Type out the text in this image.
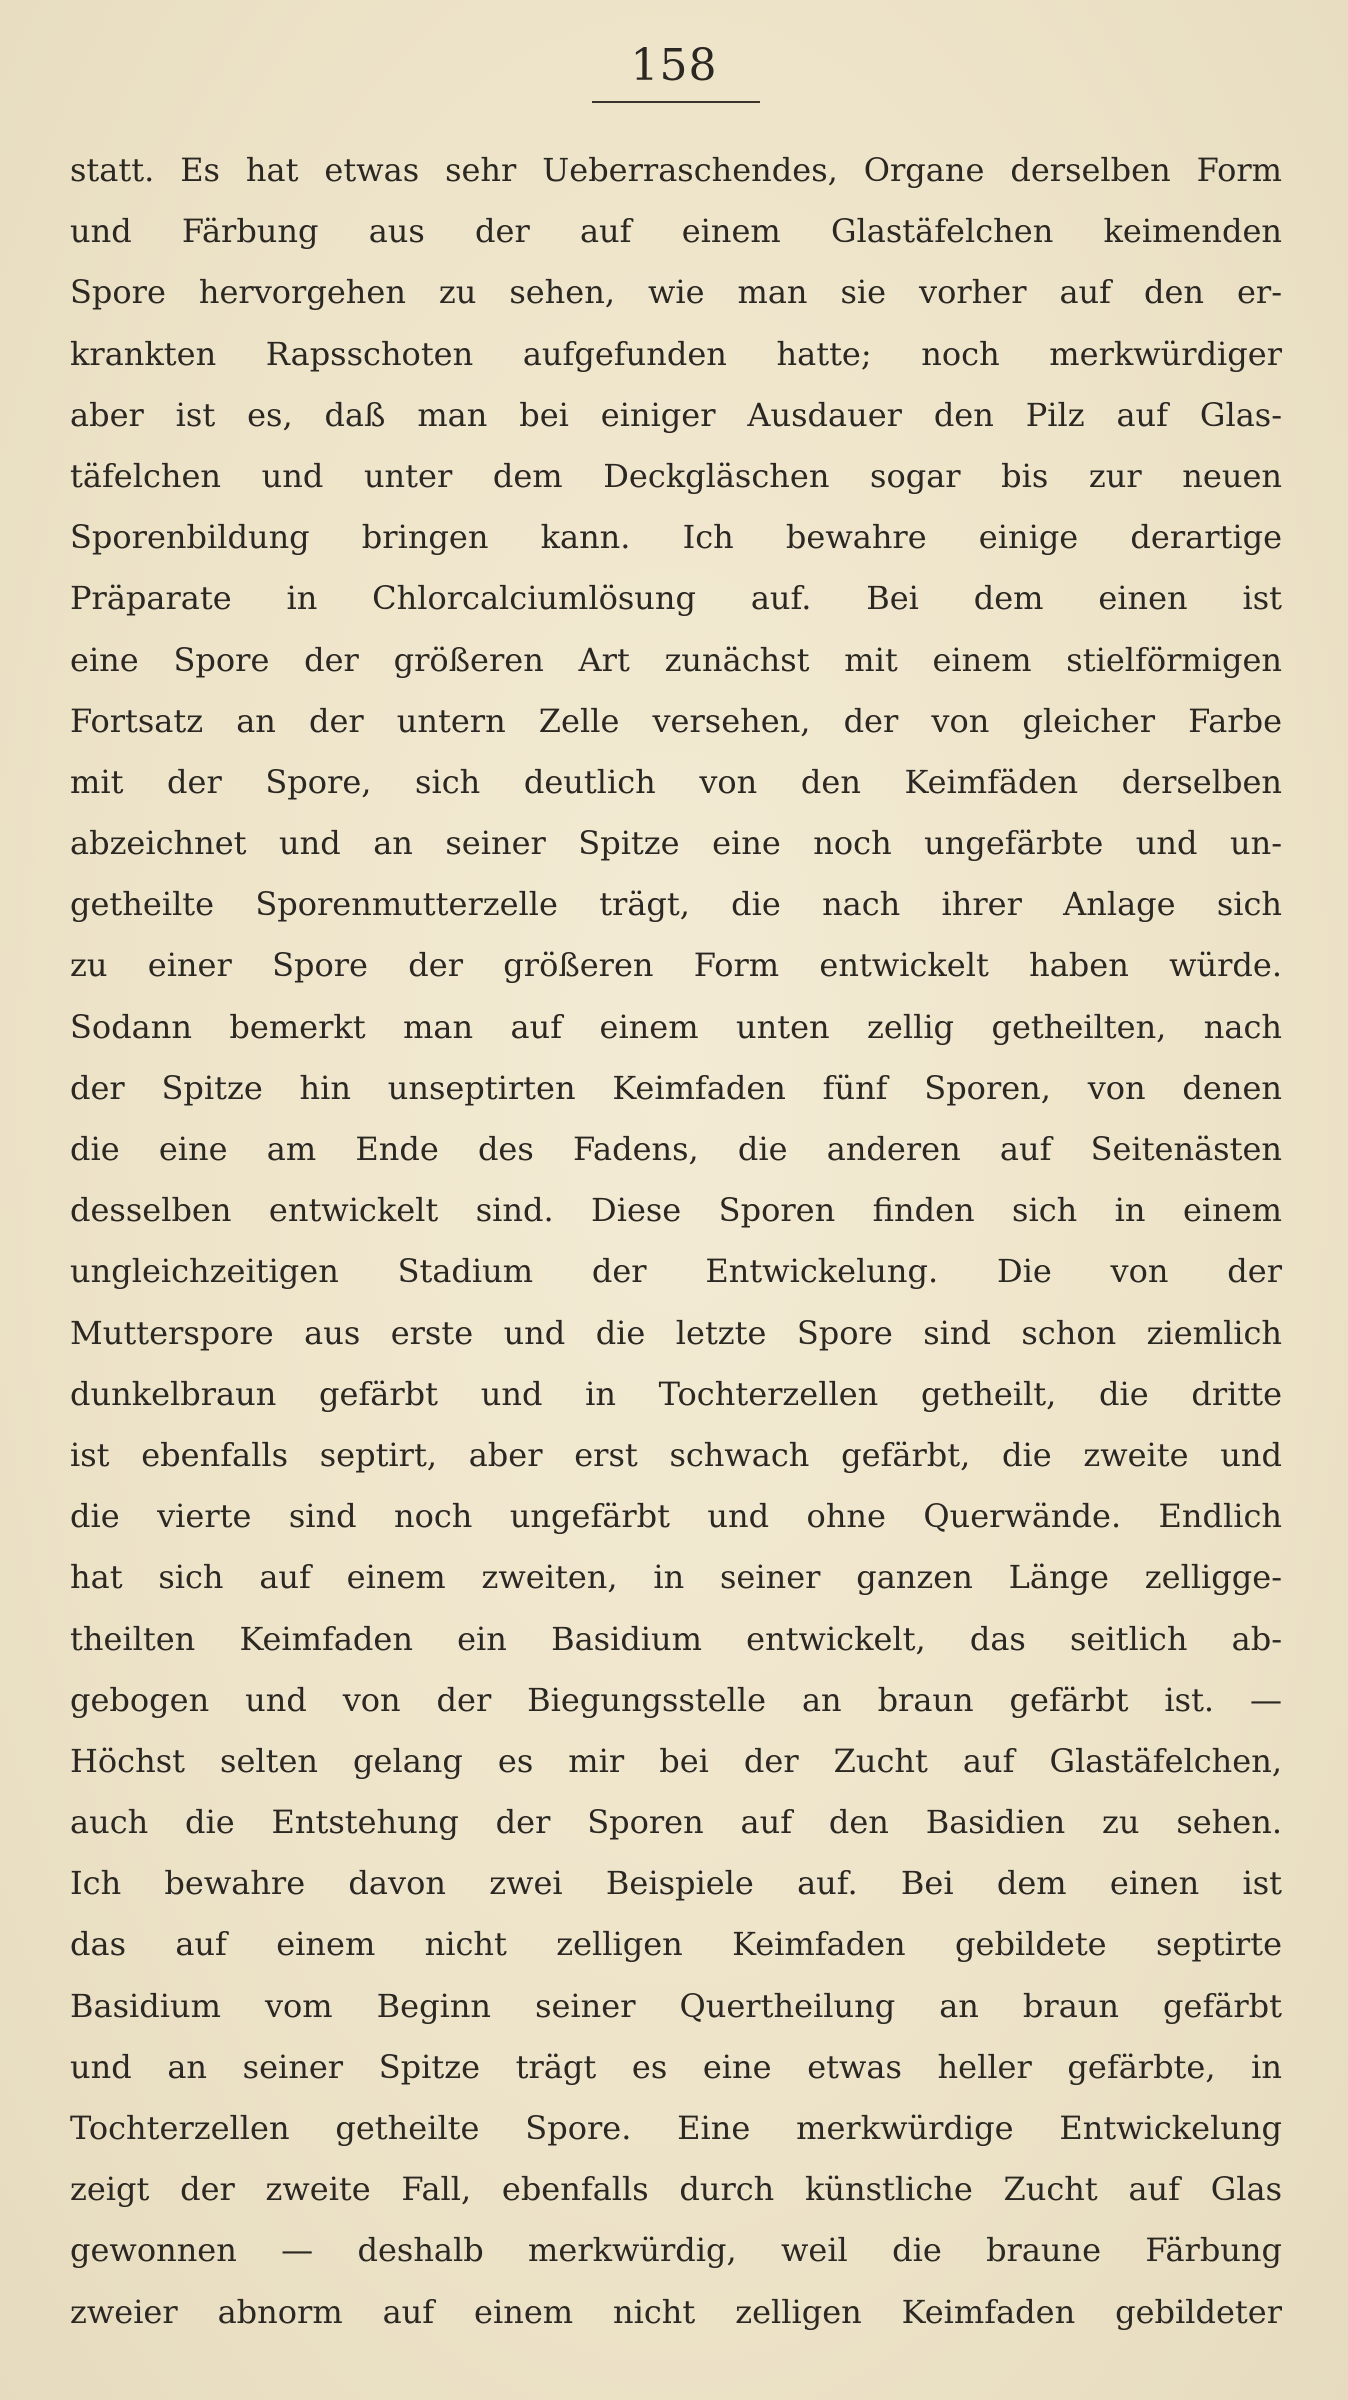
158
statt. Es hat etwas sehr Ueberraschendes, Organe derselben Form
und Färbung aus der auf einem Glastäfelchen keimenden
Spore hervorgehen zu sehen, wie man sie vorher auf den er-
krankten Rapsschoten aufgefunden hatte; noch merkwürdiger
aber ist es, daß man bei einiger Ausdauer den Pilz auf Glas-
täfelchen und unter dem Deckgläschen sogar bis zur neuen
Sporenbildung bringen kann. Ich bewahre einige derartige
Präparate in Chlorcalciumlösung auf. Bei dem einen ist
eine Spore der größeren Art zunächst mit einem stielförmigen
Fortsatz an der untern Zelle versehen, der von gleicher Farbe
mit der Spore, sich deutlich von den Keimfäden derselben
abzeichnet und an seiner Spitze eine noch ungefärbte und un-
getheilte Sporenmutterzelle trägt, die nach ihrer Anlage sich
zu einer Spore der größeren Form entwickelt haben würde.
Sodann bemerkt man auf einem unten zellig getheilten, nach
der Spitze hin unseptirten Keimfaden fünf Sporen, von denen
die eine am Ende des Fadens, die anderen auf Seitenästen
desselben entwickelt sind. Diese Sporen finden sich in einem
ungleichzeitigen Stadium der Entwickelung. Die von der
Mutterspore aus erste und die letzte Spore sind schon ziemlich
dunkelbraun gefärbt und in Tochterzellen getheilt, die dritte
ist ebenfalls septirt, aber erst schwach gefärbt, die zweite und
die vierte sind noch ungefärbt und ohne Querwände. Endlich
hat sich auf einem zweiten, in seiner ganzen Länge zelligge-
theilten Keimfaden ein Basidium entwickelt, das seitlich ab-
gebogen und von der Biegungsstelle an braun gefärbt ist. —
Höchst selten gelang es mir bei der Zucht auf Glastäfelchen,
auch die Entstehung der Sporen auf den Basidien zu sehen.
Ich bewahre davon zwei Beispiele auf. Bei dem einen ist
das auf einem nicht zelligen Keimfaden gebildete septirte
Basidium vom Beginn seiner Quertheilung an braun gefärbt
und an seiner Spitze trägt es eine etwas heller gefärbte, in
Tochterzellen getheilte Spore. Eine merkwürdige Entwickelung
zeigt der zweite Fall, ebenfalls durch künstliche Zucht auf Glas
gewonnen — deshalb merkwürdig, weil die braune Färbung
zweier abnorm auf einem nicht zelligen Keimfaden gebildeter
